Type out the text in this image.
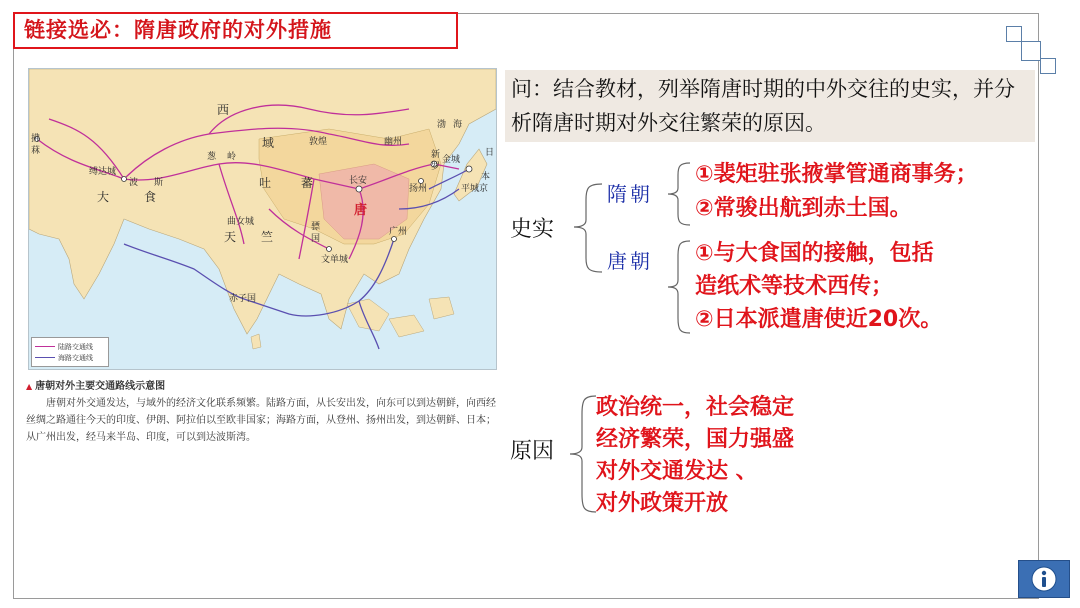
链接选必：隋唐政府的对外措施
拂
菻
缚达城
波 斯
大	食
西
域
葱 岭
吐 蕃
敦煌	幽州
渤 海
新
罗
金城
日
本
平城京
长安
扬州
唐
曲女城
天 竺
骠
国
文单城
广州
赤子国
陆路交通线
海路交通线
▲ 唐朝对外主要交通路线示意图
唐朝对外交通发达，与域外的经济文化联系频繁。陆路方面，从长安出发，向东可以到达朝鲜，向西经丝绸之路通往今天的印度、伊朗、阿拉伯以至欧非国家；海路方面，从登州、扬州出发，到达朝鲜、日本；从广州出发，经马来半岛、印度，可以到达波斯湾。
问：结合教材，列举隋唐时期的中外交往的史实，并分析隋唐时期对外交往繁荣的原因。
史实
隋朝
①裴矩驻张掖掌管通商事务；
②常骏出航到赤土国。
唐朝 ①与大食国的接触，包括
造纸术等技术西传；
②日本派遣唐使近20次。
原因
政治统一，社会稳定
经济繁荣，国力强盛
对外交通发达 、
对外政策开放
